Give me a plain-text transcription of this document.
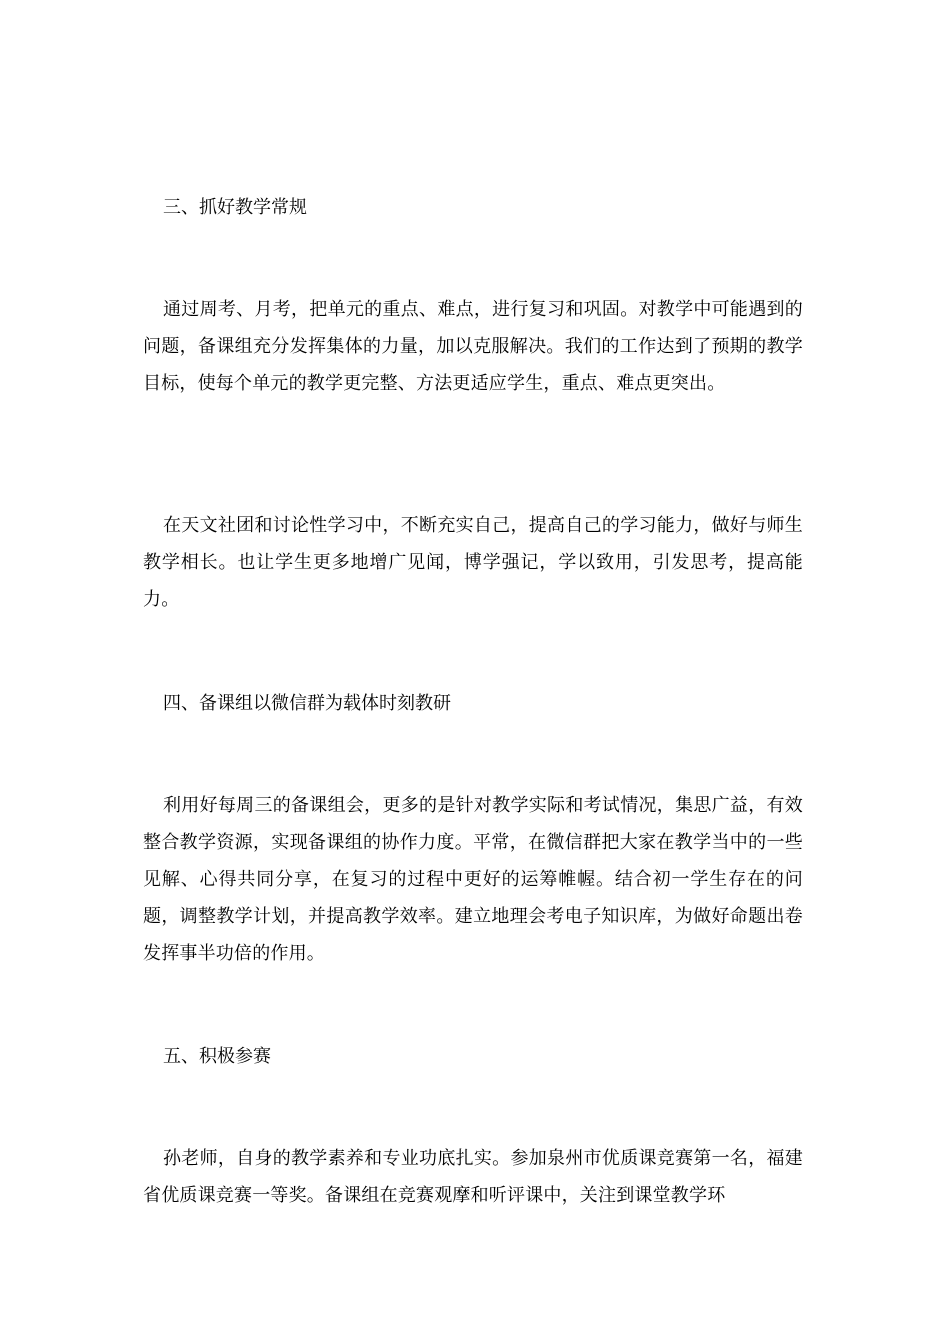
三、抓好教学常规
通过周考、月考，把单元的重点、难点，进行复习和巩固。对教学中可能遇到的问题，备课组充分发挥集体的力量，加以克服解决。我们的工作达到了预期的教学目标，使每个单元的教学更完整、方法更适应学生，重点、难点更突出。
在天文社团和讨论性学习中，不断充实自己，提高自己的学习能力，做好与师生教学相长。也让学生更多地增广见闻，博学强记，学以致用，引发思考，提高能力。
四、备课组以微信群为载体时刻教研
利用好每周三的备课组会，更多的是针对教学实际和考试情况，集思广益，有效整合教学资源，实现备课组的协作力度。平常，在微信群把大家在教学当中的一些见解、心得共同分享，在复习的过程中更好的运筹帷幄。结合初一学生存在的问题，调整教学计划，并提高教学效率。建立地理会考电子知识库，为做好命题出卷发挥事半功倍的作用。
五、积极参赛
孙老师，自身的教学素养和专业功底扎实。参加泉州市优质课竞赛第一名，福建省优质课竞赛一等奖。备课组在竞赛观摩和听评课中，关注到课堂教学环
